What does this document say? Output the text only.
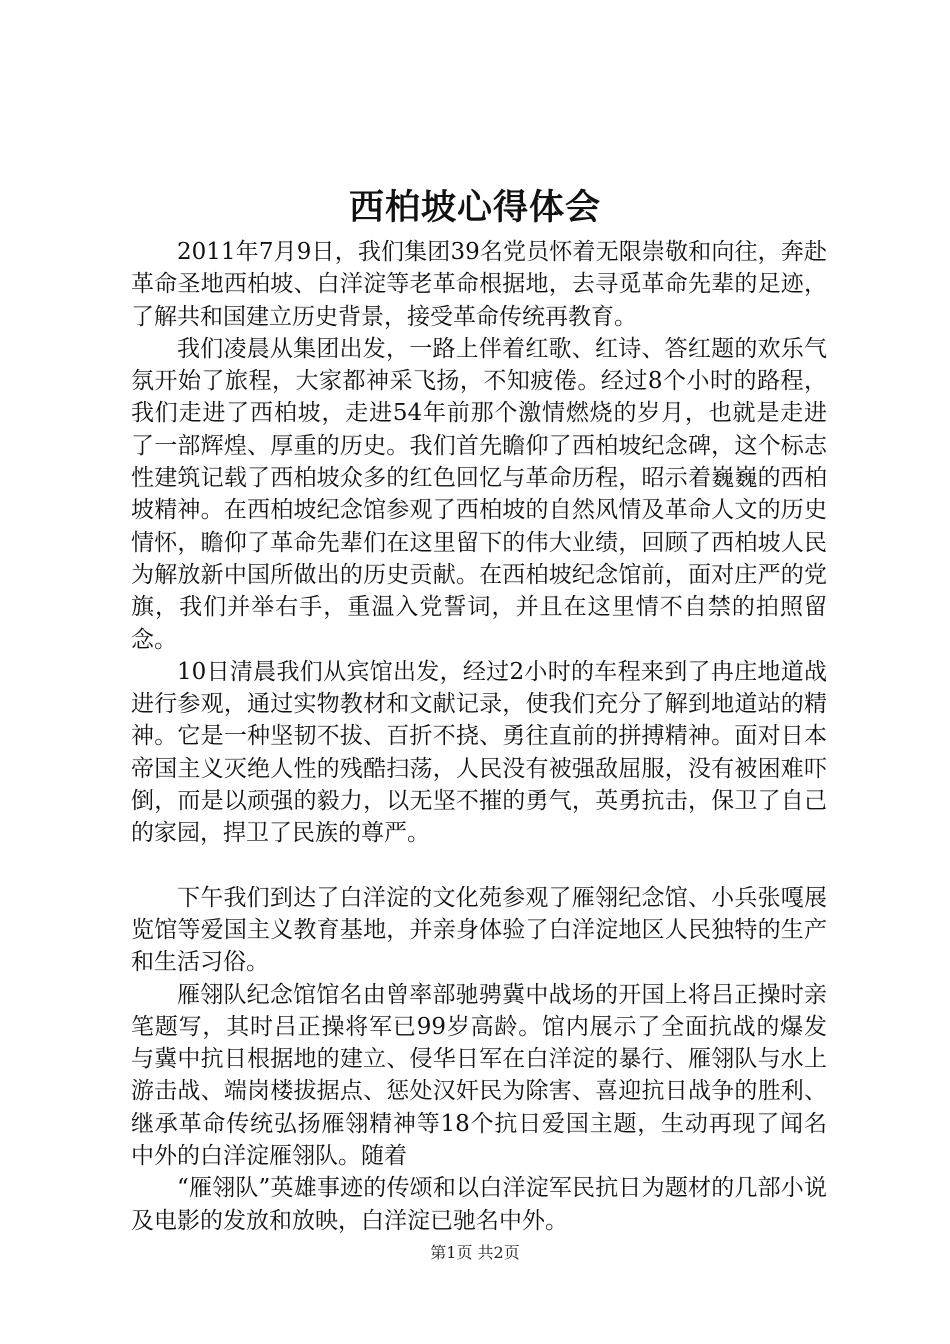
西柏坡心得体会

2011年7月9日，我们集团39名党员怀着无限崇敬和向往，奔赴革命圣地西柏坡、白洋淀等老革命根据地，去寻觅革命先辈的足迹，了解共和国建立历史背景，接受革命传统再教育。

我们凌晨从集团出发，一路上伴着红歌、红诗、答红题的欢乐气氛开始了旅程，大家都神采飞扬，不知疲倦。经过8个小时的路程，我们走进了西柏坡，走进54年前那个激情燃烧的岁月，也就是走进了一部辉煌、厚重的历史。我们首先瞻仰了西柏坡纪念碑，这个标志性建筑记载了西柏坡众多的红色回忆与革命历程，昭示着巍巍的西柏坡精神。在西柏坡纪念馆参观了西柏坡的自然风情及革命人文的历史情怀，瞻仰了革命先辈们在这里留下的伟大业绩，回顾了西柏坡人民为解放新中国所做出的历史贡献。在西柏坡纪念馆前，面对庄严的党旗，我们并举右手，重温入党誓词，并且在这里情不自禁的拍照留念。

10日清晨我们从宾馆出发，经过2小时的车程来到了冉庄地道战进行参观，通过实物教材和文献记录，使我们充分了解到地道站的精神。它是一种坚韧不拔、百折不挠、勇往直前的拼搏精神。面对日本帝国主义灭绝人性的残酷扫荡，人民没有被强敌屈服，没有被困难吓倒，而是以顽强的毅力，以无坚不摧的勇气，英勇抗击，保卫了自己的家园，捍卫了民族的尊严。

下午我们到达了白洋淀的文化苑参观了雁翎纪念馆、小兵张嘎展览馆等爱国主义教育基地，并亲身体验了白洋淀地区人民独特的生产和生活习俗。

雁翎队纪念馆馆名由曾率部驰骋冀中战场的开国上将吕正操时亲笔题写，其时吕正操将军已99岁高龄。馆内展示了全面抗战的爆发与冀中抗日根据地的建立、侵华日军在白洋淀的暴行、雁翎队与水上游击战、端岗楼拔据点、惩处汉奸民为除害、喜迎抗日战争的胜利、继承革命传统弘扬雁翎精神等18个抗日爱国主题，生动再现了闻名中外的白洋淀雁翎队。随着

“雁翎队”英雄事迹的传颂和以白洋淀军民抗日为题材的几部小说及电影的发放和放映，白洋淀已驰名中外。

第1页 共2页
